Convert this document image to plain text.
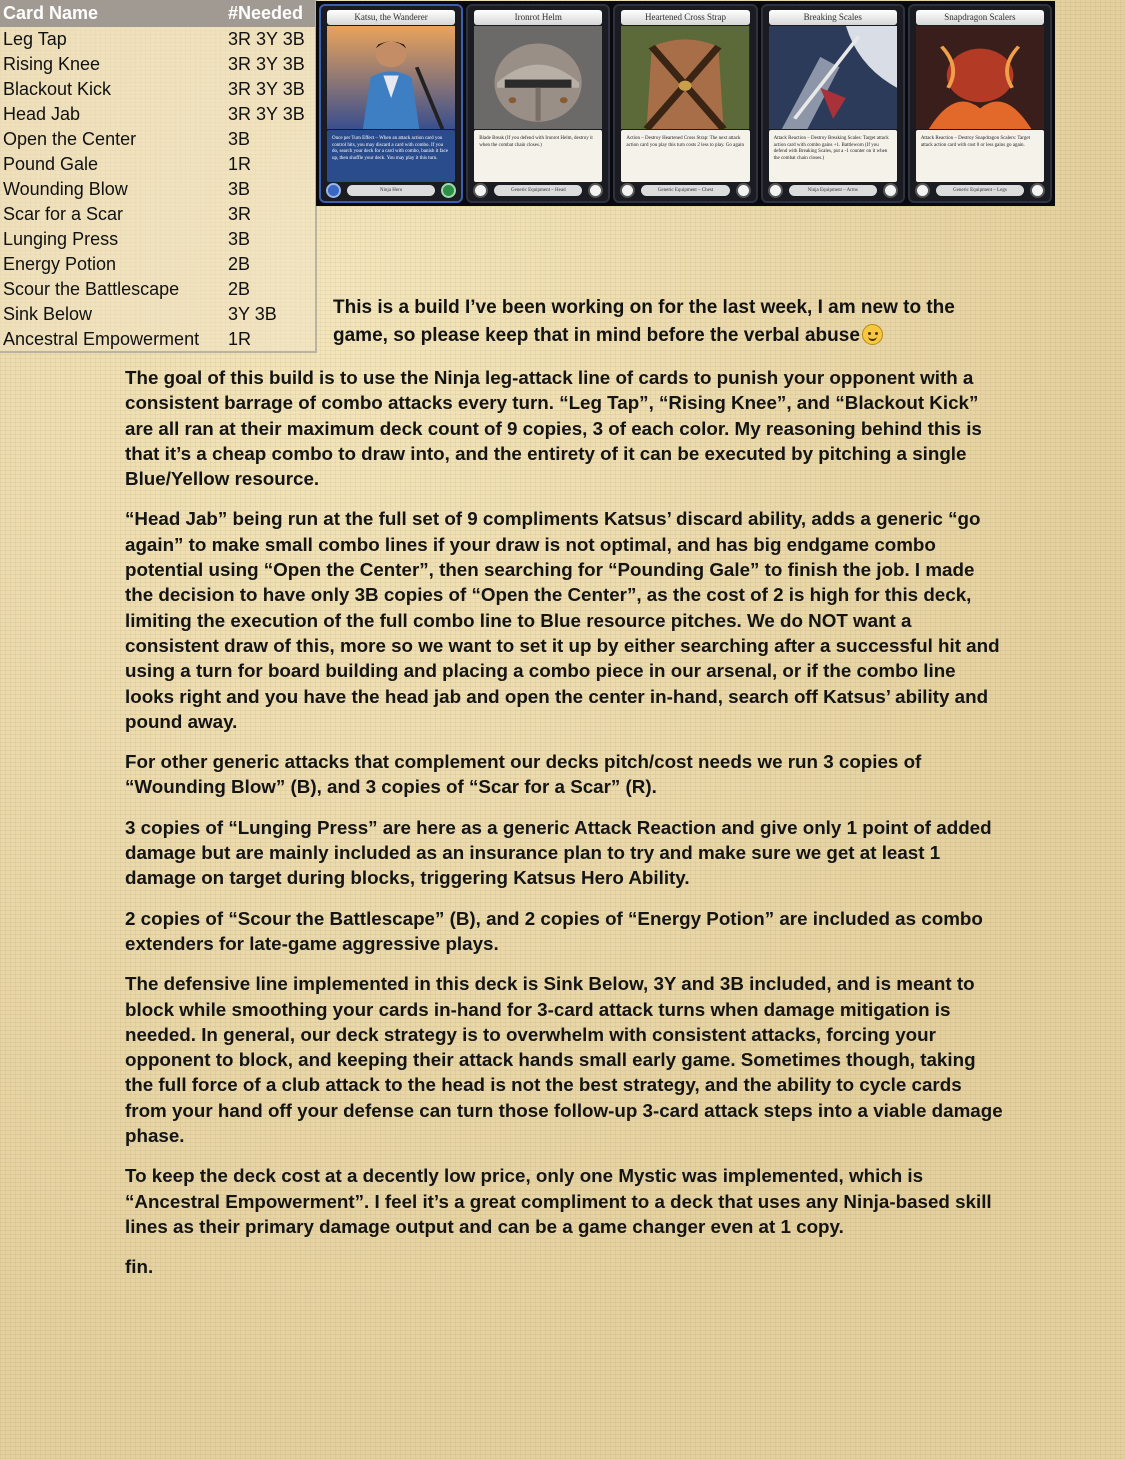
Card Name	#Needed
Leg Tap	3R 3Y 3B
Rising Knee	3R 3Y 3B
Blackout Kick	3R 3Y 3B
Head Jab	3R 3Y 3B
Open the Center	3B
Pound Gale	1R
Wounding Blow	3B
Scar for a Scar	3R
Lunging Press	3B
Energy Potion	2B
Scour the Battlescape	2B
Sink Below	3Y 3B
Ancestral Empowerment	1R
Katsu, the Wanderer
Once per Turn Effect – When an attack action card you control hits, you may discard a card with combo. If you do, search your deck for a card with combo, banish it face up, then shuffle your deck. You may play it this turn.
Ninja Hero
Ironrot Helm
Blade Break (If you defend with Ironrot Helm, destroy it when the combat chain closes.)
Generic Equipment – Head
Heartened Cross Strap
Action – Destroy Heartened Cross Strap: The next attack action card you play this turn costs 2 less to play. Go again
Generic Equipment – Chest
Breaking Scales
Attack Reaction – Destroy Breaking Scales: Target attack action card with combo gains +1. Battleworn (If you defend with Breaking Scales, put a -1 counter on it when the combat chain closes.)
Ninja Equipment – Arms
Snapdragon Scalers
Attack Reaction – Destroy Snapdragon Scalers: Target attack action card with cost 0 or less gains go again.
Generic Equipment – Legs

This is a build I’ve been working on for the last week, I am new to the game, so please keep that in mind before the verbal abuse

The goal of this build is to use the Ninja leg-attack line of cards to punish your opponent with a consistent barrage of combo attacks every turn. “Leg Tap”, “Rising Knee”, and “Blackout Kick” are all ran at their maximum deck count of 9 copies, 3 of each color. My reasoning behind this is that it’s a cheap combo to draw into, and the entirety of it can be executed by pitching a single Blue/Yellow resource.

“Head Jab” being run at the full set of 9 compliments Katsus’ discard ability, adds a generic “go again” to make small combo lines if your draw is not optimal, and has big endgame combo potential using “Open the Center”, then searching for “Pounding Gale” to finish the job. I made the decision to have only 3B copies of “Open the Center”, as the cost of 2 is high for this deck, limiting the execution of the full combo line to Blue resource pitches. We do NOT want a consistent draw of this, more so we want to set it up by either searching after a successful hit and using a turn for board building and placing a combo piece in our arsenal, or if the combo line looks right and you have the head jab and open the center in-hand, search off Katsus’ ability and pound away.

For other generic attacks that complement our decks pitch/cost needs we run 3 copies of “Wounding Blow” (B), and 3 copies of “Scar for a Scar” (R).

3 copies of “Lunging Press” are here as a generic Attack Reaction and give only 1 point of added damage but are mainly included as an insurance plan to try and make sure we get at least 1 damage on target during blocks, triggering Katsus Hero Ability.

2 copies of “Scour the Battlescape” (B), and 2 copies of “Energy Potion” are included as combo extenders for late-game aggressive plays.

The defensive line implemented in this deck is Sink Below, 3Y and 3B included, and is meant to block while smoothing your cards in-hand for 3-card attack turns when damage mitigation is needed. In general, our deck strategy is to overwhelm with consistent attacks, forcing your opponent to block, and keeping their attack hands small early game. Sometimes though, taking the full force of a club attack to the head is not the best strategy, and the ability to cycle cards from your hand off your defense can turn those follow-up 3-card attack steps into a viable damage phase.

To keep the deck cost at a decently low price, only one Mystic was implemented, which is “Ancestral Empowerment”. I feel it’s a great compliment to a deck that uses any Ninja-based skill lines as their primary damage output and can be a game changer even at 1 copy.

fin.
